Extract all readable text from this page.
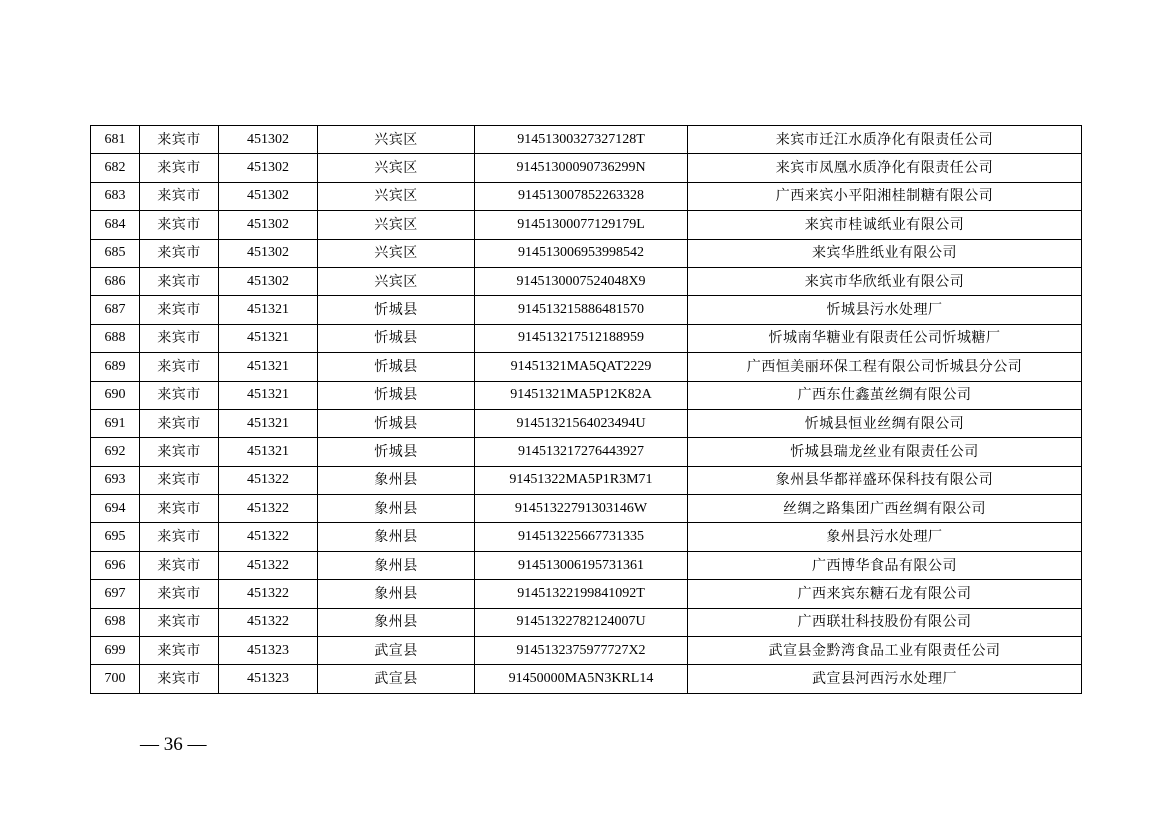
681	来宾市	451302	兴宾区	91451300327327128T	来宾市迁江水质净化有限责任公司
682	来宾市	451302	兴宾区	91451300090736299N	来宾市凤凰水质净化有限责任公司
683	来宾市	451302	兴宾区	914513007852263328	广西来宾小平阳湘桂制糖有限公司
684	来宾市	451302	兴宾区	91451300077129179L	来宾市桂诚纸业有限公司
685	来宾市	451302	兴宾区	914513006953998542	来宾华胜纸业有限公司
686	来宾市	451302	兴宾区	9145130007524048X9	来宾市华欣纸业有限公司
687	来宾市	451321	忻城县	914513215886481570	忻城县污水处理厂
688	来宾市	451321	忻城县	914513217512188959	忻城南华糖业有限责任公司忻城糖厂
689	来宾市	451321	忻城县	91451321MA5QAT2229	广西恒美丽环保工程有限公司忻城县分公司
690	来宾市	451321	忻城县	91451321MA5P12K82A	广西东仕鑫茧丝绸有限公司
691	来宾市	451321	忻城县	91451321564023494U	忻城县恒业丝绸有限公司
692	来宾市	451321	忻城县	914513217276443927	忻城县瑞龙丝业有限责任公司
693	来宾市	451322	象州县	91451322MA5P1R3M71	象州县华都祥盛环保科技有限公司
694	来宾市	451322	象州县	91451322791303146W	丝绸之路集团广西丝绸有限公司
695	来宾市	451322	象州县	914513225667731335	象州县污水处理厂
696	来宾市	451322	象州县	914513006195731361	广西博华食品有限公司
697	来宾市	451322	象州县	91451322199841092T	广西来宾东糖石龙有限公司
698	来宾市	451322	象州县	91451322782124007U	广西联壮科技股份有限公司
699	来宾市	451323	武宣县	9145132375977727X2	武宣县金黔湾食品工业有限责任公司
700	来宾市	451323	武宣县	91450000MA5N3KRL14	武宣县河西污水处理厂
— 36 —
